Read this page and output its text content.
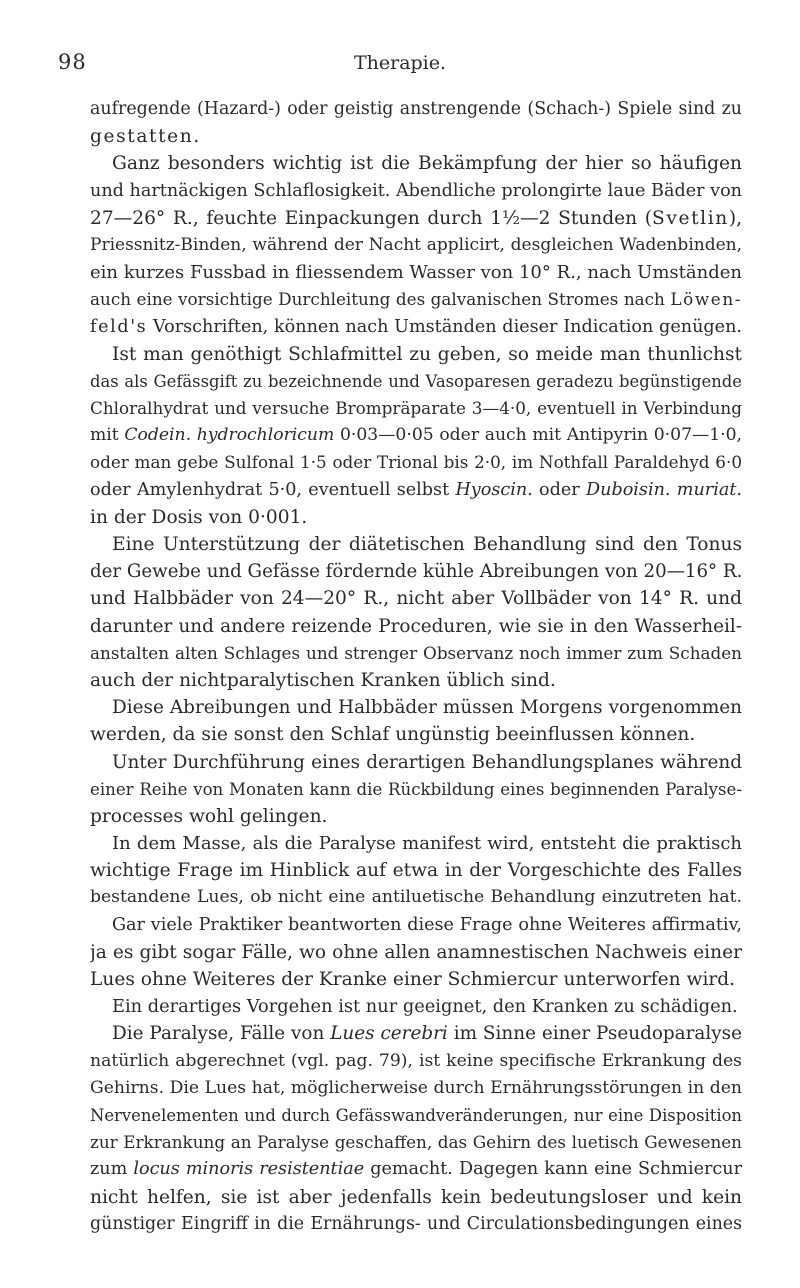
98	Therapie.
aufregende (Hazard-) oder geistig anstrengende (Schach-) Spiele sind zu
gestatten.
Ganz besonders wichtig ist die Bekämpfung der hier so häufigen
und hartnäckigen Schlaflosigkeit. Abendliche prolongirte laue Bäder von
27—26° R., feuchte Einpackungen durch 1½—2 Stunden (Svetlin),
Priessnitz-Binden, während der Nacht applicirt, desgleichen Wadenbinden,
ein kurzes Fussbad in fliessendem Wasser von 10° R., nach Umständen
auch eine vorsichtige Durchleitung des galvanischen Stromes nach Löwen-
feld's Vorschriften, können nach Umständen dieser Indication genügen.
Ist man genöthigt Schlafmittel zu geben, so meide man thunlichst
das als Gefässgift zu bezeichnende und Vasoparesen geradezu begünstigende
Chloralhydrat und versuche Brompräparate 3—4·0, eventuell in Verbindung
mit Codein. hydrochloricum 0·03—0·05 oder auch mit Antipyrin 0·07—1·0,
oder man gebe Sulfonal 1·5 oder Trional bis 2·0, im Nothfall Paraldehyd 6·0
oder Amylenhydrat 5·0, eventuell selbst Hyoscin. oder Duboisin. muriat.
in der Dosis von 0·001.
Eine Unterstützung der diätetischen Behandlung sind den Tonus
der Gewebe und Gefässe fördernde kühle Abreibungen von 20—16° R.
und Halbbäder von 24—20° R., nicht aber Vollbäder von 14° R. und
darunter und andere reizende Proceduren, wie sie in den Wasserheil-
anstalten alten Schlages und strenger Observanz noch immer zum Schaden
auch der nichtparalytischen Kranken üblich sind.
Diese Abreibungen und Halbbäder müssen Morgens vorgenommen
werden, da sie sonst den Schlaf ungünstig beeinflussen können.
Unter Durchführung eines derartigen Behandlungsplanes während
einer Reihe von Monaten kann die Rückbildung eines beginnenden Paralyse-
processes wohl gelingen.
In dem Masse, als die Paralyse manifest wird, entsteht die praktisch
wichtige Frage im Hinblick auf etwa in der Vorgeschichte des Falles
bestandene Lues, ob nicht eine antiluetische Behandlung einzutreten hat.
Gar viele Praktiker beantworten diese Frage ohne Weiteres affirmativ,
ja es gibt sogar Fälle, wo ohne allen anamnestischen Nachweis einer
Lues ohne Weiteres der Kranke einer Schmiercur unterworfen wird.
Ein derartiges Vorgehen ist nur geeignet, den Kranken zu schädigen.
Die Paralyse, Fälle von Lues cerebri im Sinne einer Pseudoparalyse
natürlich abgerechnet (vgl. pag. 79), ist keine specifische Erkrankung des
Gehirns. Die Lues hat, möglicherweise durch Ernährungsstörungen in den
Nervenelementen und durch Gefässwandveränderungen, nur eine Disposition
zur Erkrankung an Paralyse geschaffen, das Gehirn des luetisch Gewesenen
zum locus minoris resistentiae gemacht. Dagegen kann eine Schmiercur
nicht helfen, sie ist aber jedenfalls kein bedeutungsloser und kein
günstiger Eingriff in die Ernährungs- und Circulationsbedingungen eines
